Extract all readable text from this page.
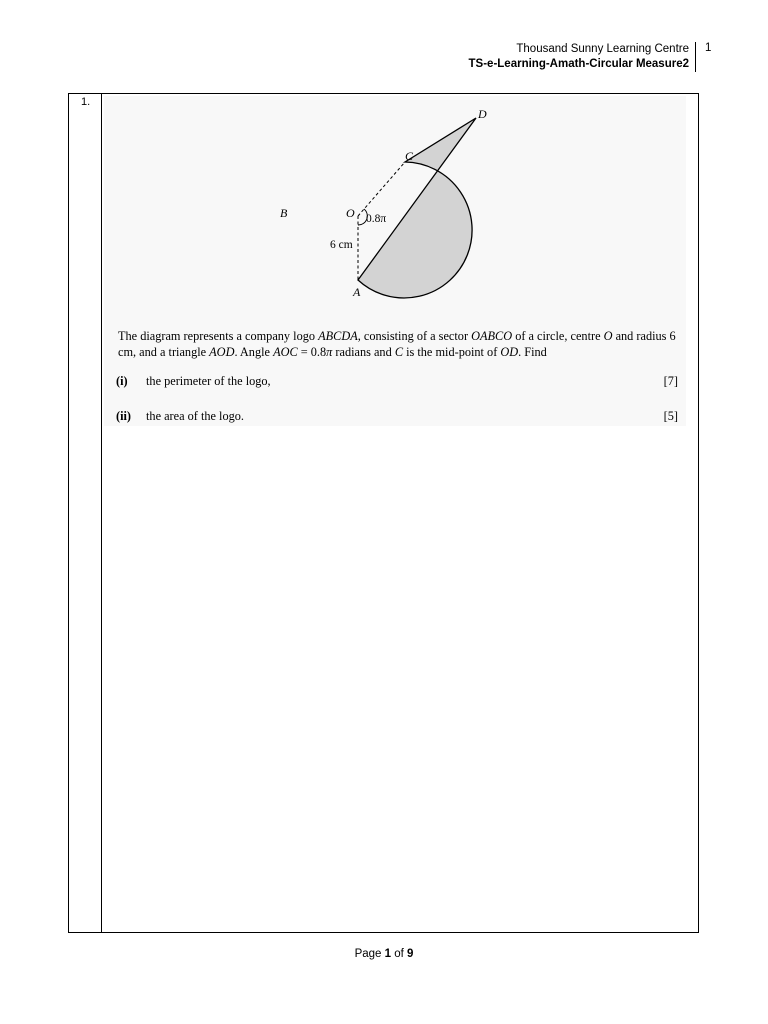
Thousand Sunny Learning Centre
TS-e-Learning-Amath-Circular Measure2
1
1.
D
C
B	O 0.8π
6 cm
A
The diagram represents a company logo ABCDA, consisting of a sector OABCO of a circle, centre O and radius 6 cm, and a triangle AOD. Angle AOC = 0.8π radians and C is the mid-point of OD. Find
(i) the perimeter of the logo,	[7]
(ii) the area of the logo.	[5]
Page 1 of 9
